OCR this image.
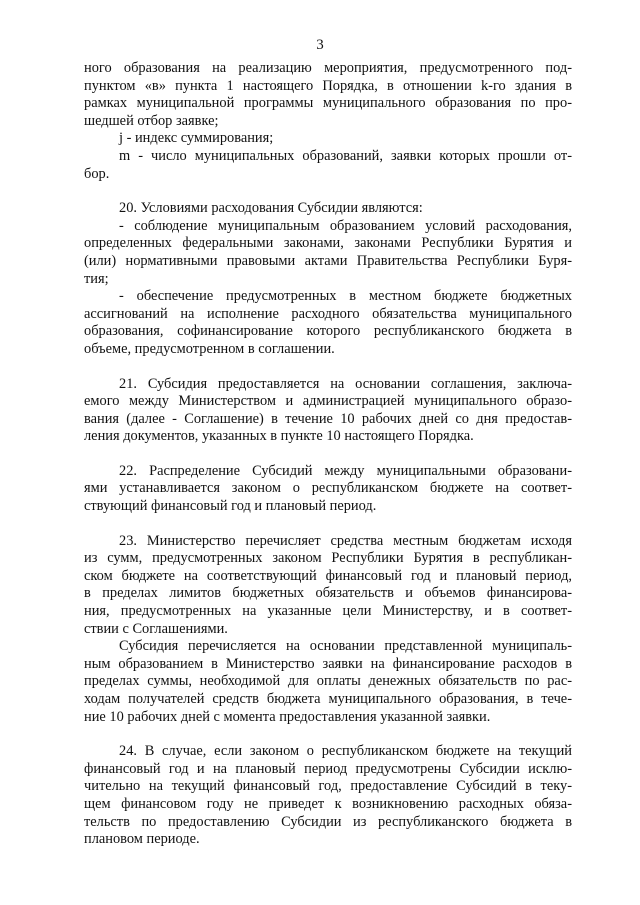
3
ного образования на реализацию мероприятия, предусмотренного под-
пунктом «в» пункта 1 настоящего Порядка, в отношении k-го здания в
рамках муниципальной программы муниципального образования по про-
шедшей отбор заявке;
j - индекс суммирования;
m - число муниципальных образований, заявки которых прошли от-
бор.
20. Условиями расходования Субсидии являются:
- соблюдение муниципальным образованием условий расходования,
определенных федеральными законами, законами Республики Бурятия и
(или) нормативными правовыми актами Правительства Республики Буря-
тия;
- обеспечение предусмотренных в местном бюджете бюджетных
ассигнований на исполнение расходного обязательства муниципального
образования, софинансирование которого республиканского бюджета в
объеме, предусмотренном в соглашении.
21. Субсидия предоставляется на основании соглашения, заключа-
емого между Министерством и администрацией муниципального образо-
вания (далее - Соглашение) в течение 10 рабочих дней со дня предостав-
ления документов, указанных в пункте 10 настоящего Порядка.
22. Распределение Субсидий между муниципальными образовани-
ями устанавливается законом о республиканском бюджете на соответ-
ствующий финансовый год и плановый период.
23. Министерство перечисляет средства местным бюджетам исходя
из сумм, предусмотренных законом Республики Бурятия в республикан-
ском бюджете на соответствующий финансовый год и плановый период,
в пределах лимитов бюджетных обязательств и объемов финансирова-
ния, предусмотренных на указанные цели Министерству, и в соответ-
ствии с Соглашениями.
Субсидия перечисляется на основании представленной муниципаль-
ным образованием в Министерство заявки на финансирование расходов в
пределах суммы, необходимой для оплаты денежных обязательств по рас-
ходам получателей средств бюджета муниципального образования, в тече-
ние 10 рабочих дней с момента предоставления указанной заявки.
24. В случае, если законом о республиканском бюджете на текущий
финансовый год и на плановый период предусмотрены Субсидии исклю-
чительно на текущий финансовый год, предоставление Субсидий в теку-
щем финансовом году не приведет к возникновению расходных обяза-
тельств по предоставлению Субсидии из республиканского бюджета в
плановом периоде.
